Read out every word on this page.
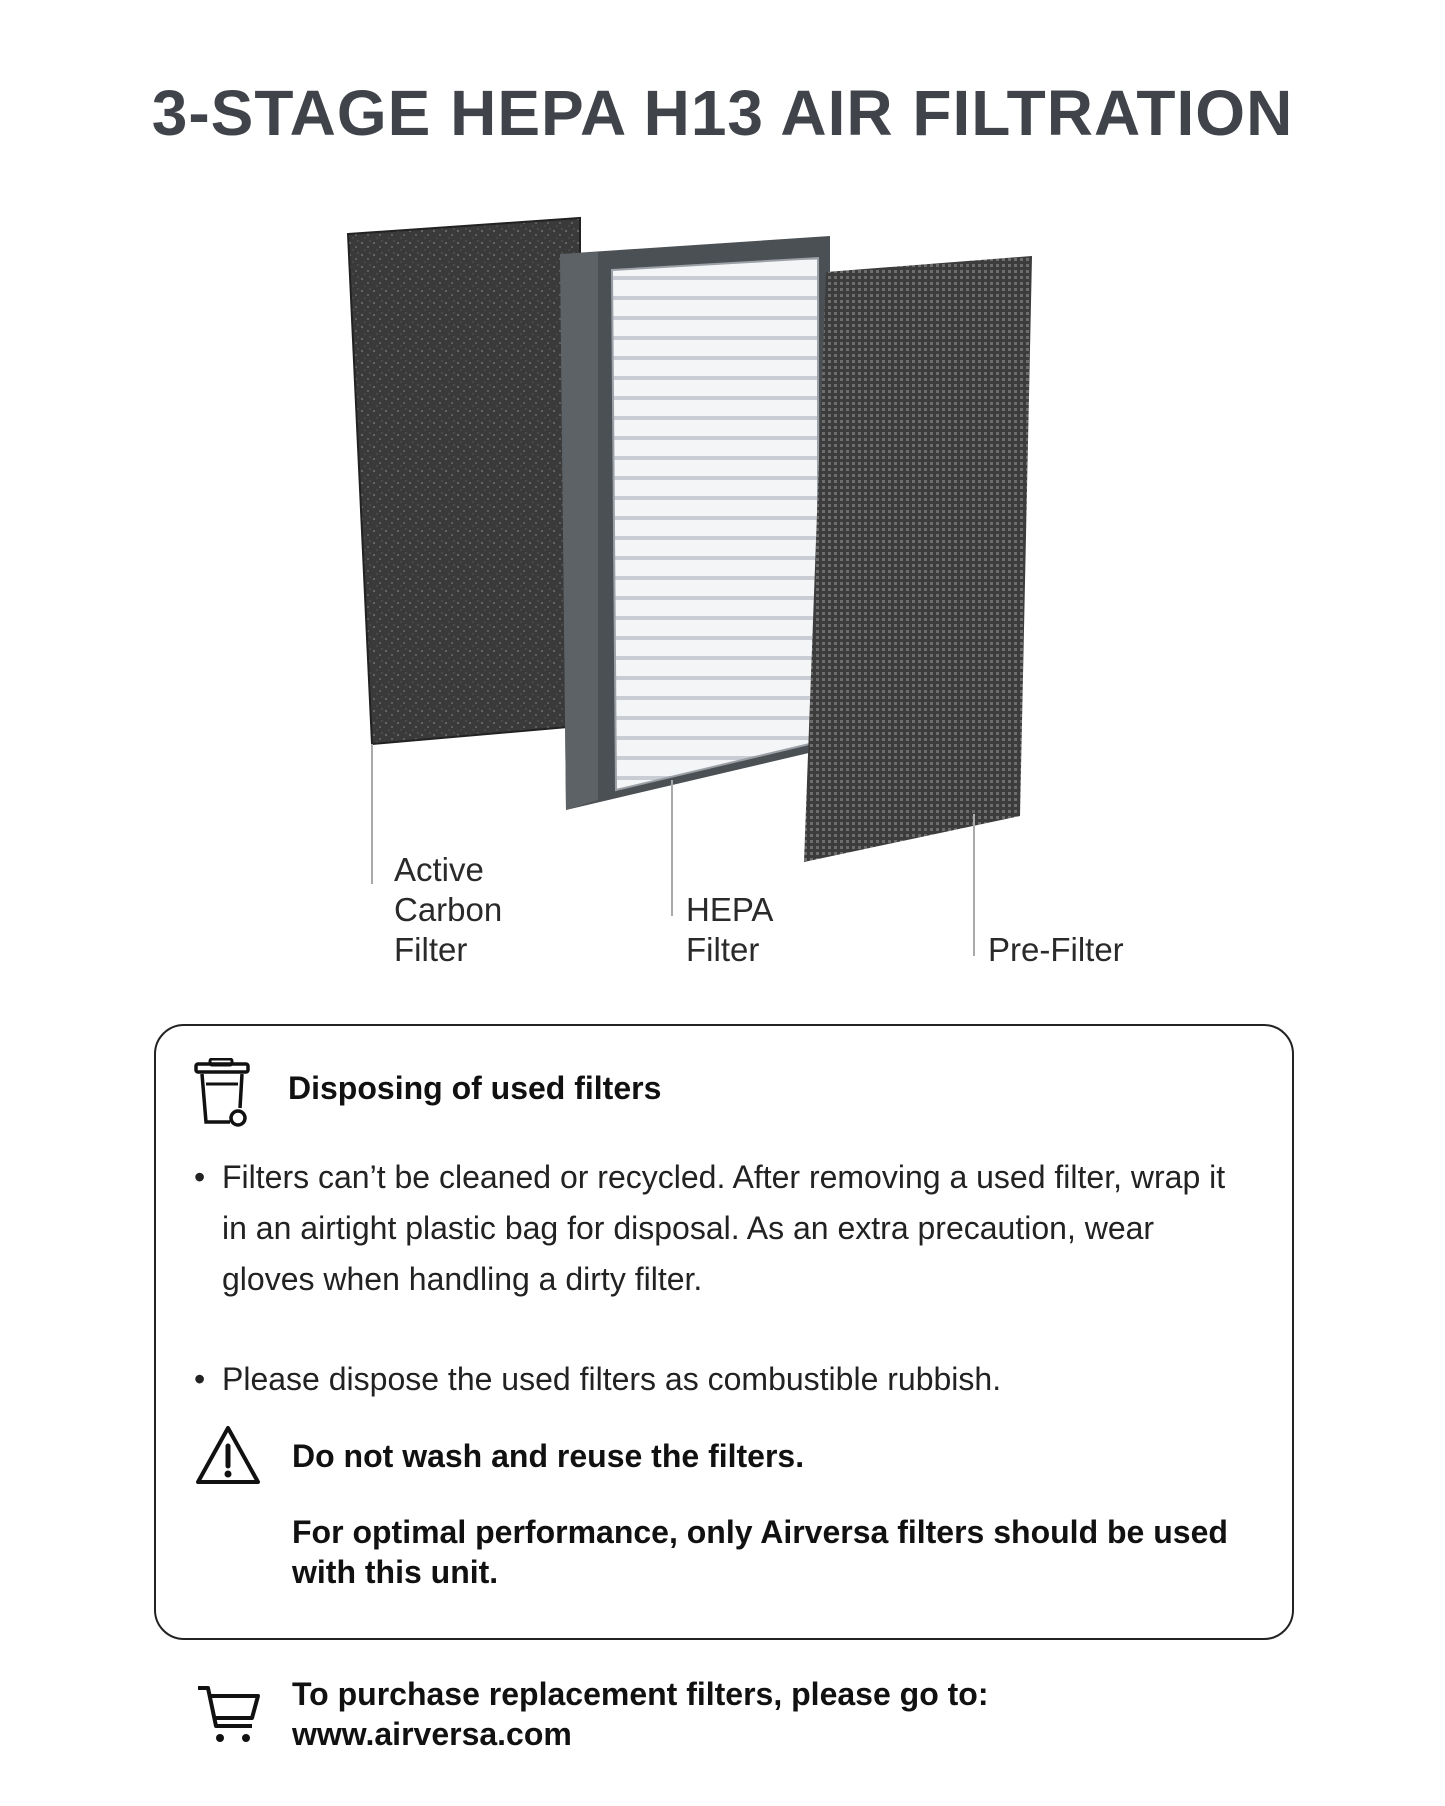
3-STAGE HEPA H13 AIR FILTRATION
Active
Carbon
Filter
HEPA
Filter	Pre-Filter
Disposing of used filters
• Filters can’t be cleaned or recycled. After removing a used filter, wrap it in an airtight plastic bag for disposal. As an extra precaution, wear gloves when handling a dirty filter.
• Please dispose the used filters as combustible rubbish.
Do not wash and reuse the filters.
For optimal performance, only Airversa filters should be used with this unit.
To purchase replacement filters, please go to:
www.airversa.com
